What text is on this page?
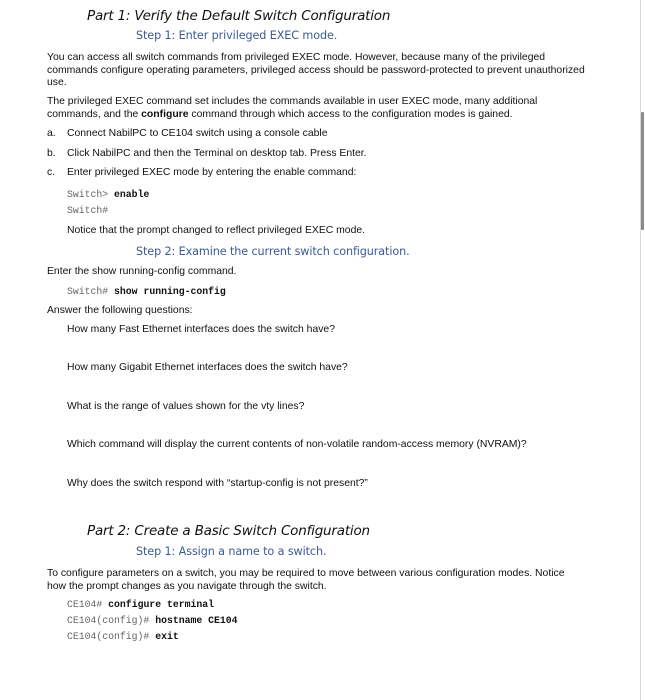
Part 1: Verify the Default Switch Configuration
Step 1: Enter privileged EXEC mode.
You can access all switch commands from privileged EXEC mode. However, because many of the privileged commands configure operating parameters, privileged access should be password-protected to prevent unauthorized use.
The privileged EXEC command set includes the commands available in user EXEC mode, many additional commands, and the configure command through which access to the configuration modes is gained.
a. Connect NabilPC to CE104 switch using a console cable
b. Click NabilPC and then the Terminal on desktop tab. Press Enter.
c. Enter privileged EXEC mode by entering the enable command:
Switch> enable
Switch#
Notice that the prompt changed to reflect privileged EXEC mode.
Step 2: Examine the current switch configuration.
Enter the show running-config command.
Switch# show running-config
Answer the following questions:
How many Fast Ethernet interfaces does the switch have?
How many Gigabit Ethernet interfaces does the switch have?
What is the range of values shown for the vty lines?
Which command will display the current contents of non-volatile random-access memory (NVRAM)?
Why does the switch respond with “startup-config is not present?”
Part 2: Create a Basic Switch Configuration
Step 1: Assign a name to a switch.
To configure parameters on a switch, you may be required to move between various configuration modes. Notice how the prompt changes as you navigate through the switch.
CE104# configure terminal
CE104(config)# hostname CE104
CE104(config)# exit
